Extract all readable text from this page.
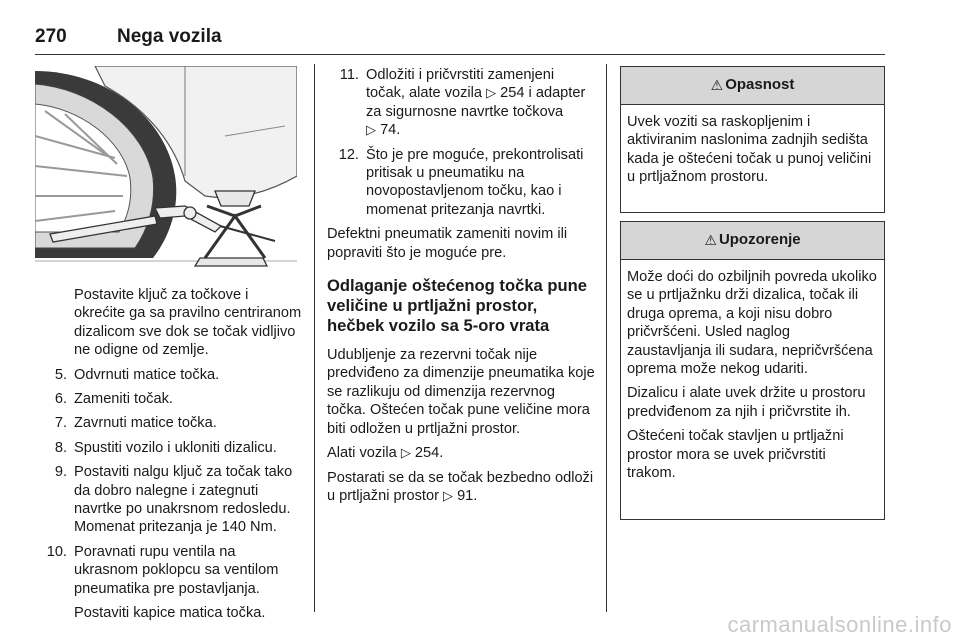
270	Nega vozila
Postavite ključ za točkove i okrećite ga sa pravilno centriranom dizalicom sve dok se točak vidljivo ne odigne od zemlje.
5. Odvrnuti matice točka.
6. Zameniti točak.
7. Zavrnuti matice točka.
8. Spustiti vozilo i ukloniti dizalicu.
9. Postaviti nalgu ključ za točak tako da dobro nalegne i zategnuti navrtke po unakrsnom redosledu.
Momenat pritezanja je 140 Nm.
10. Poravnati rupu ventila na ukrasnom poklopcu sa ventilom pneumatika pre postavljanja.
Postaviti kapice matica točka.
11. Odložiti i pričvrstiti zamenjeni točak, alate vozila ▷ 254 i adapter za sigurnosne navrtke točkova
▷ 74.
12. Što je pre moguće, prekontrolisati pritisak u pneumatiku na novopostavljenom točku, kao i momenat pritezanja navrtki.
Defektni pneumatik zameniti novim ili popraviti što je moguće pre.
Odlaganje oštećenog točka pune veličine u prtljažni prostor, hečbek vozilo sa 5-oro vrata
Udubljenje za rezervni točak nije predviđeno za dimenzije pneumatika koje se razlikuju od dimenzija rezervnog točka. Oštećen točak pune veličine mora biti odložen u prtljažni prostor.
Alati vozila ▷ 254.
Postarati se da se točak bezbedno odloži u prtljažni prostor ▷ 91.
⚠ Opasnost
Uvek voziti sa raskopljenim i aktiviranim naslonima zadnjih sedišta kada je oštećeni točak u punoj veličini u prtljažnom prostoru.
⚠ Upozorenje
Može doći do ozbiljnih povreda ukoliko se u prtljažnku drži dizalica, točak ili druga oprema, a koji nisu dobro pričvršćeni. Usled naglog zaustavljanja ili sudara, nepričvršćena oprema može nekog udariti.
Dizalicu i alate uvek držite u prostoru predviđenom za njih i pričvrstite ih.
Oštećeni točak stavljen u prtljažni prostor mora se uvek pričvrstiti trakom.
carmanualsonline.info
